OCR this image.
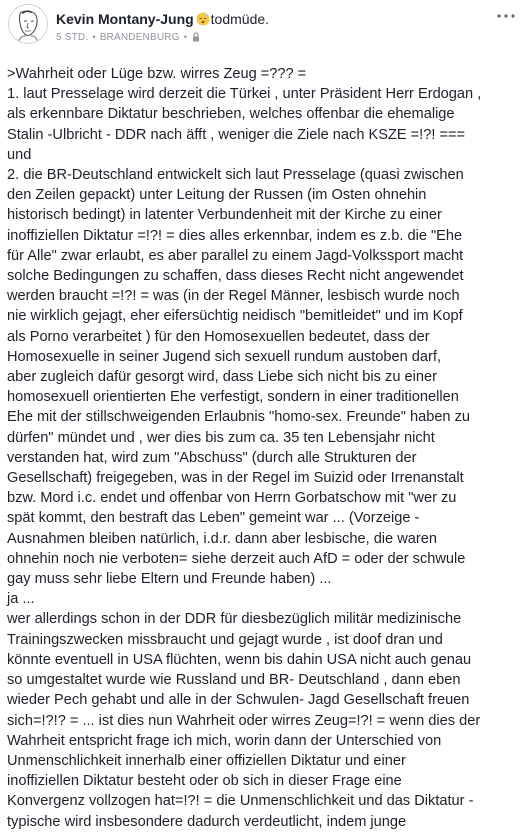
Kevin Montany-Jung todmüde.
5 STD. • BRANDENBURG •

>Wahrheit oder Lüge bzw. wirres Zeug =??? =

1. laut Presselage wird derzeit die Türkei , unter Präsident Herr Erdogan ,

als erkennbare Diktatur beschrieben, welches offenbar die ehemalige

Stalin -Ulbricht - DDR nach äfft , weniger die Ziele nach KSZE =!?! ===

und

2. die BR-Deutschland entwickelt sich laut Presselage (quasi zwischen

den Zeilen gepackt) unter Leitung der Russen (im Osten ohnehin

historisch bedingt) in latenter Verbundenheit mit der Kirche zu einer

inoffiziellen Diktatur =!?! = dies alles erkennbar, indem es z.b. die "Ehe

für Alle" zwar erlaubt, es aber parallel zu einem Jagd-Volkssport macht

solche Bedingungen zu schaffen, dass dieses Recht nicht angewendet

werden braucht =!?! = was (in der Regel Männer, lesbisch wurde noch

nie wirklich gejagt, eher eifersüchtig neidisch "bemitleidet" und im Kopf

als Porno verarbeitet ) für den Homosexuellen bedeutet, dass der

Homosexuelle in seiner Jugend sich sexuell rundum austoben darf,

aber zugleich dafür gesorgt wird, dass Liebe sich nicht bis zu einer

homosexuell orientierten Ehe verfestigt, sondern in einer traditionellen

Ehe mit der stillschweigenden Erlaubnis "homo-sex. Freunde" haben zu

dürfen" mündet und , wer dies bis zum ca. 35 ten Lebensjahr nicht

verstanden hat, wird zum "Abschuss" (durch alle Strukturen der

Gesellschaft) freigegeben, was in der Regel im Suizid oder Irrenanstalt

bzw. Mord i.c. endet und offenbar von Herrn Gorbatschow mit "wer zu

spät kommt, den bestraft das Leben" gemeint war ... (Vorzeige -

Ausnahmen bleiben natürlich, i.d.r. dann aber lesbische, die waren

ohnehin noch nie verboten= siehe derzeit auch AfD = oder der schwule

gay muss sehr liebe Eltern und Freunde haben) ...

ja ...

wer allerdings schon in der DDR für diesbezüglich militär medizinische

Trainingszwecken missbraucht und gejagt wurde , ist doof dran und

könnte eventuell in USA flüchten, wenn bis dahin USA nicht auch genau

so umgestaltet wurde wie Russland und BR- Deutschland , dann eben

wieder Pech gehabt und alle in der Schwulen- Jagd Gesellschaft freuen

sich=!?!? = ... ist dies nun Wahrheit oder wirres Zeug=!?! = wenn dies der

Wahrheit entspricht frage ich mich, worin dann der Unterschied von

Unmenschlichkeit innerhalb einer offiziellen Diktatur und einer

inoffiziellen Diktatur besteht oder ob sich in dieser Frage eine

Konvergenz vollzogen hat=!?! = die Unmenschlichkeit und das Diktatur -

typische wird insbesondere dadurch verdeutlicht, indem junge
